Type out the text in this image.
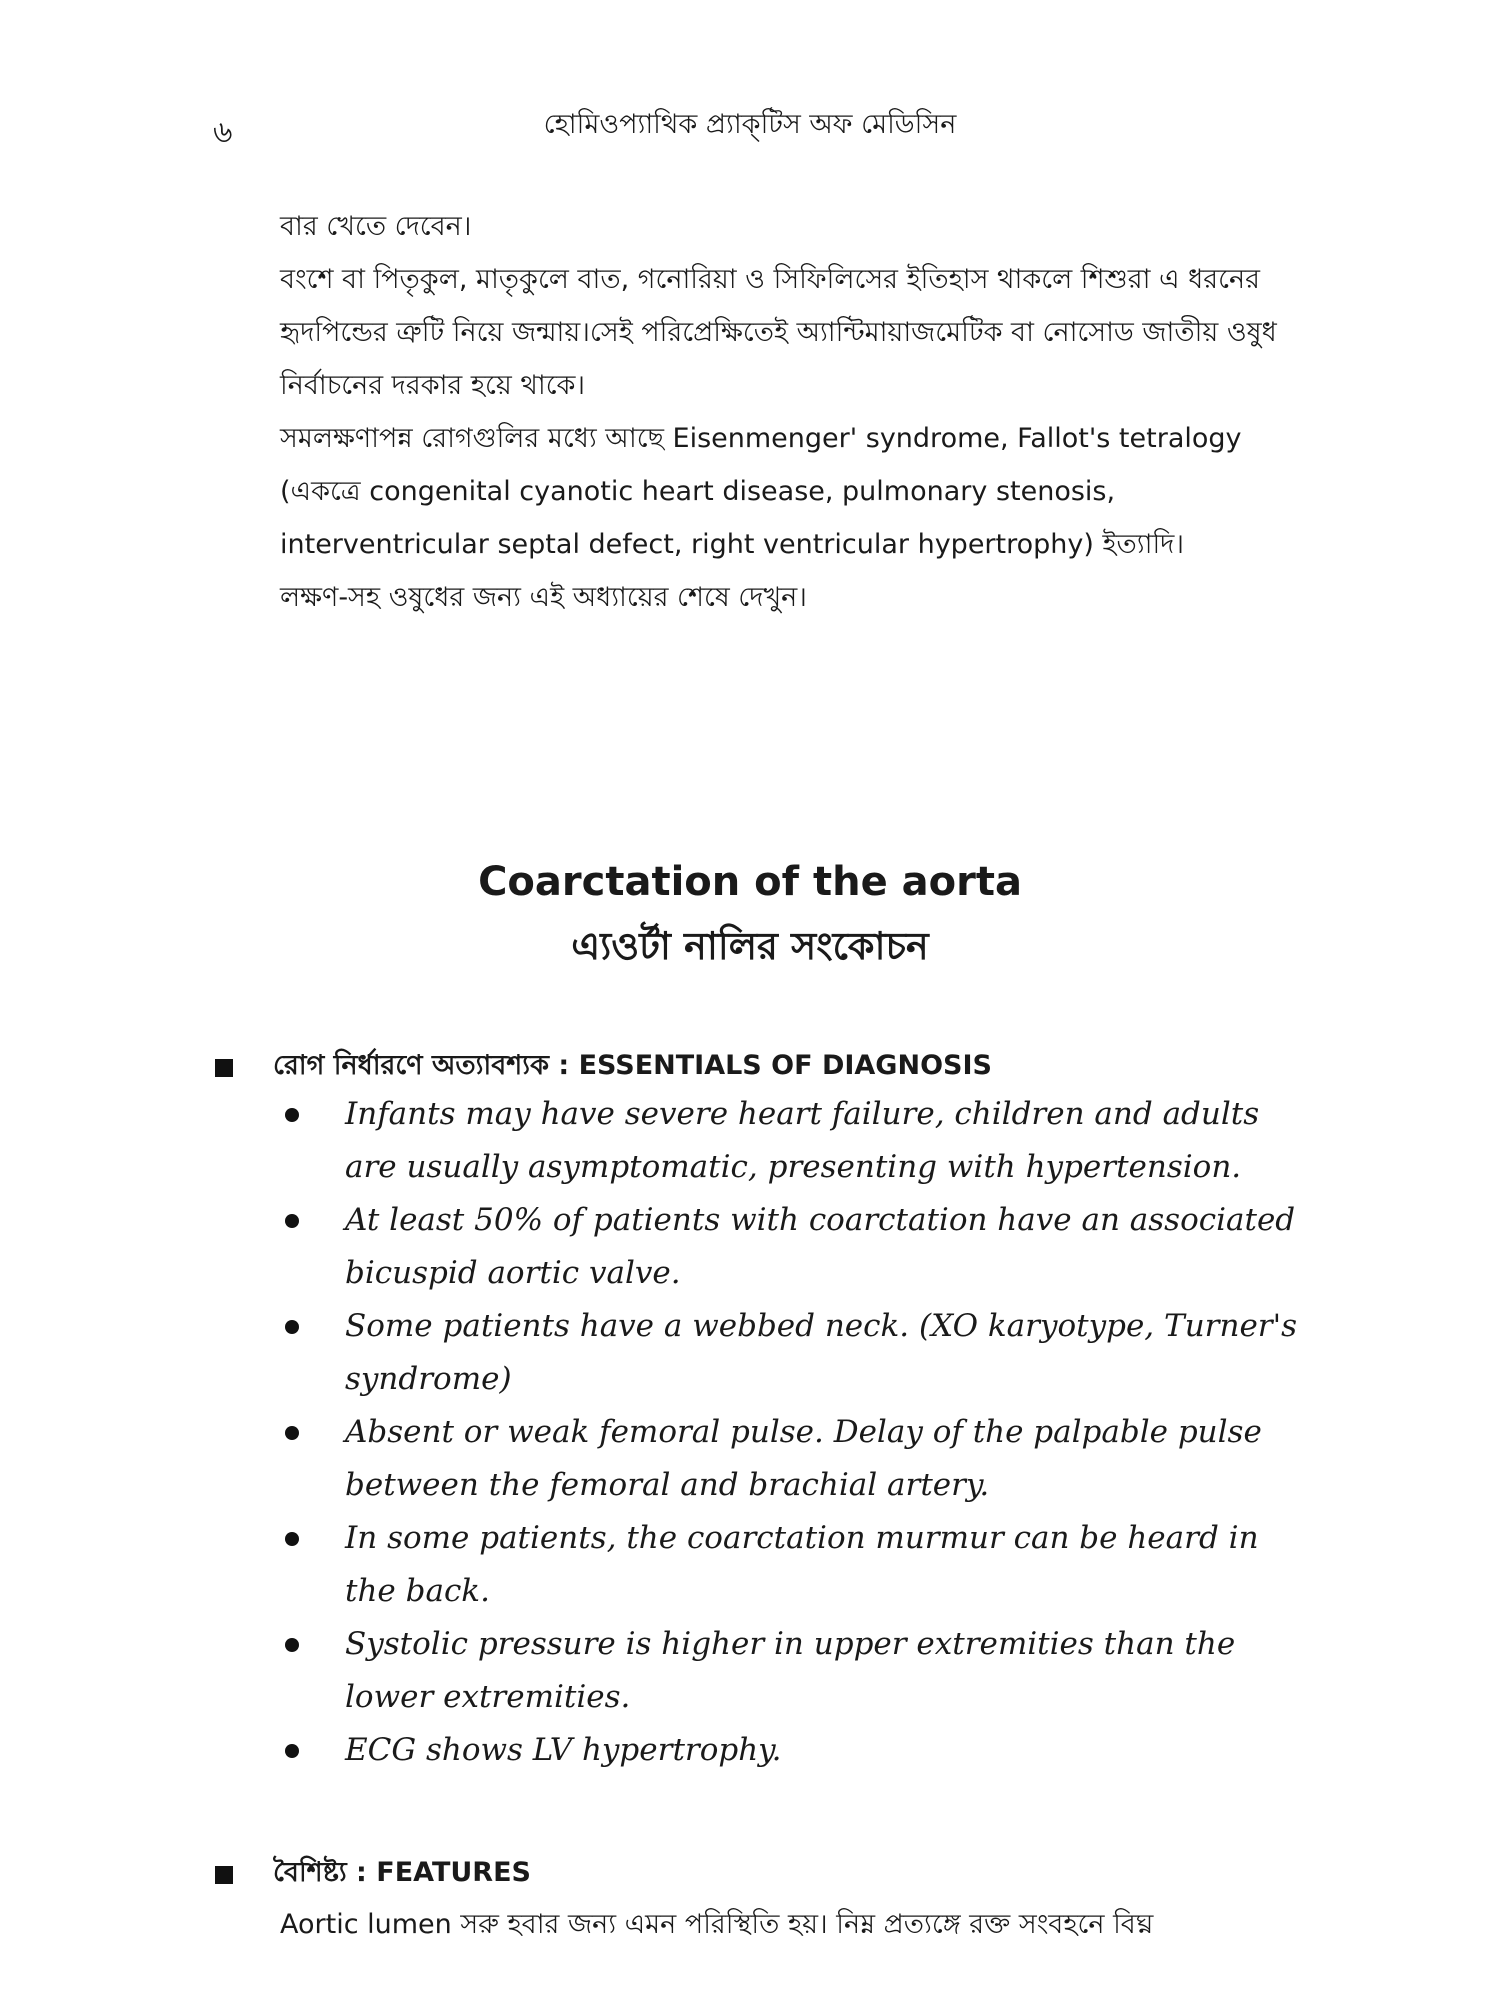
৬	হোমিওপ্যাথিক প্র্যাক্‌টিস অফ মেডিসিন

বার খেতে দেবেন।

বংশে বা পিতৃকুল, মাতৃকুলে বাত, গনোরিয়া ও সিফিলিসের ইতিহাস থাকলে শিশুরা এ ধরনের হৃদপিন্ডের ত্রুটি নিয়ে জন্মায়।সেই পরিপ্রেক্ষিতেই অ্যান্টিমায়াজমেটিক বা নোসোড জাতীয় ওষুধ নির্বাচনের দরকার হয়ে থাকে।

সমলক্ষণাপন্ন রোগগুলির মধ্যে আছে Eisenmenger' syndrome, Fallot's tetralogy (একত্রে congenital cyanotic heart disease, pulmonary stenosis, interventricular septal defect, right ventricular hypertrophy) ইত্যাদি।

লক্ষণ-সহ ওষুধের জন্য এই অধ্যায়ের শেষে দেখুন।

Coarctation of the aorta
এ্যওর্টা নালির সংকোচন
রোগ নির্ধারণে অত্যাবশ্যক : ESSENTIALS OF DIAGNOSIS
Infants may have severe heart failure, children and adults are usually asymptomatic, presenting with hypertension.
At least 50% of patients with coarctation have an associated bicuspid aortic valve.
Some patients have a webbed neck. (XO karyotype, Turner's syndrome)
Absent or weak femoral pulse. Delay of the palpable pulse between the femoral and brachial artery.
In some patients, the coarctation murmur can be heard in the back.
Systolic pressure is higher in upper extremities than the lower extremities.
ECG shows LV hypertrophy.
বৈশিষ্ট্য : FEATURES

Aortic lumen সরু হবার জন্য এমন পরিস্থিতি হয়। নিম্ন প্রত্যঙ্গে রক্ত সংবহনে বিঘ্ন
